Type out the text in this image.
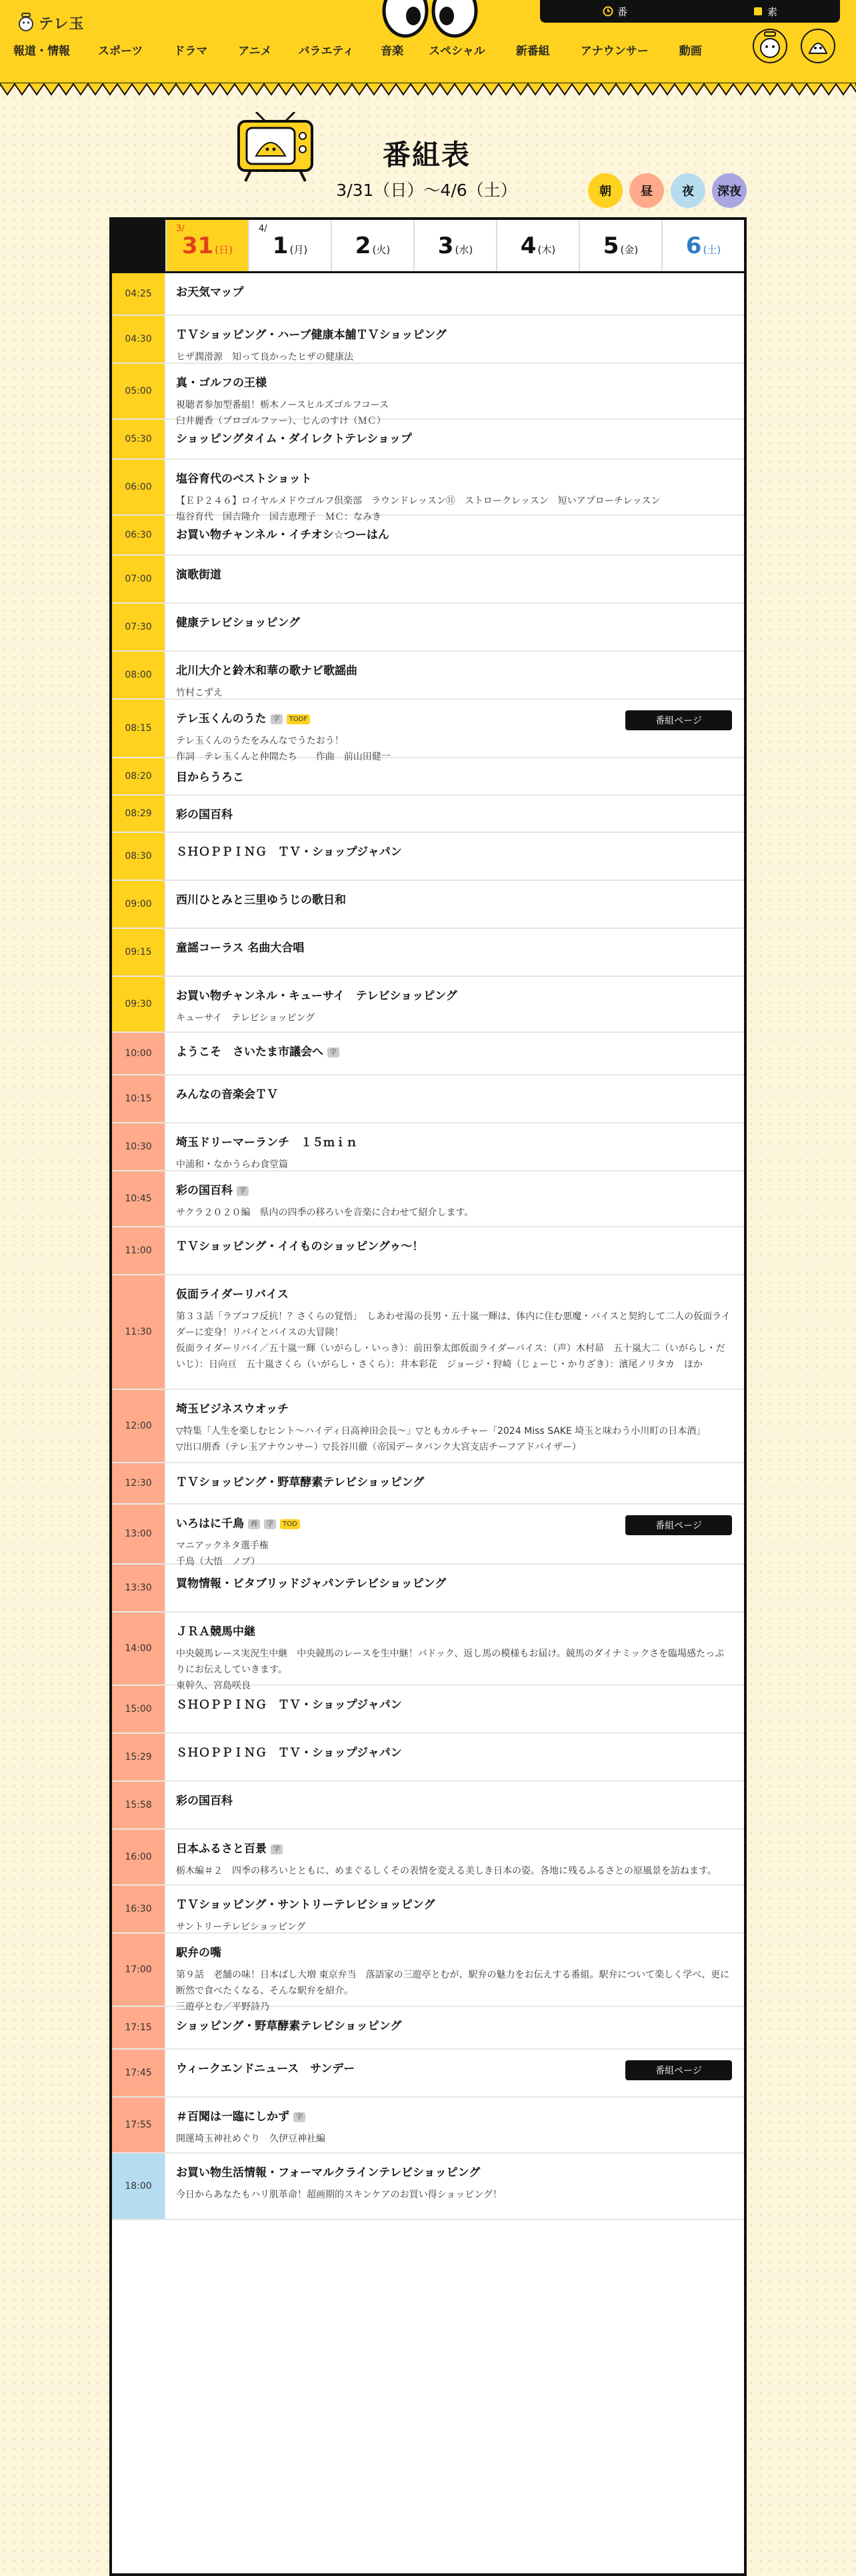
テレ玉
番	素
報道・情報 スポーツ	ドラマ	アニメ バラエティ 音楽 スペシャル	新番組	アナウンサー	動画
番組表
3/31（日）〜4/6（土）	朝	昼	夜	深夜
3/
31 (日)
4/
1 (月) 2 (火) 3 (水) 4 (木) 5 (金) 6 (土)
04:25	お天気マップ
04:30	ＴＶショッピング・ハーブ健康本舗ＴＶショッピング
ヒザ潤滑源　知って良かったヒザの健康法
05:00
真・ゴルフの王様
視聴者参加型番組！栃木ノースヒルズゴルフコース
臼井麗香（プロゴルファー）、じんのすけ（ＭＣ）
05:30	ショッピングタイム・ダイレクトテレショップ
06:00
塩谷育代のベストショット
【ＥＰ２４６】ロイヤルメドウゴルフ倶楽部　ラウンドレッスン⑪　ストロークレッスン　短いアプローチレッスン
塩谷育代　国吉隆介　国吉恵理子　ＭＣ：なみき
06:30	お買い物チャンネル・イチオシ☆つーはん
07:00	演歌街道
07:30	健康テレビショッピング
08:00	北川大介と鈴木和華の歌ナビ歌謡曲
竹村こずえ
08:15
テレ玉くんのうた	字	TODF
テレ玉くんのうたをみんなでうたおう！
作詞　テレ玉くんと仲間たち　　作曲　前山田健一
番組ページ
08:20	目からうろこ
08:29	彩の国百科
08:30	ＳＨＯＰＰＩＮＧ　ＴＶ・ショップジャパン
09:00	西川ひとみと三里ゆうじの歌日和
09:15	童謡コーラス 名曲大合唱
09:30
お買い物チャンネル・キューサイ　テレビショッピング
キューサイ　テレビショッピング
10:00	ようこそ　さいたま市議会へ	字
10:15	みんなの音楽会ＴＶ
10:30	埼玉ドリーマーランチ　１５ｍｉｎ
中浦和・なかうらわ食堂篇
10:45
彩の国百科	字
サクラ２０２０編　県内の四季の移ろいを音楽に合わせて紹介します。
11:00	ＴＶショッピング・イイものショッピングゥ〜！
11:30
仮面ライダーリバイス
第３３話「ラブコフ反抗！？さくらの覚悟」　しあわせ湯の長男・五十嵐一輝は、体内に住む悪魔・バイスと契約して二人の仮面ライダーに変身！リバイとバイスの大冒険！
仮面ライダーリバイ／五十嵐一輝（いがらし・いっき）：前田拳太郎仮面ライダーバイス：（声）木村昴　五十嵐大二（いがらし・だいじ）：日向亘　五十嵐さくら（いがらし・さくら）：井本彩花　ジョージ・狩崎（じょーじ・かりざき）：濱尾ノリタカ　ほか
12:00
埼玉ビジネスウオッチ
▽特集「人生を楽しむヒント〜ハイディ日高神田会長〜」▽ともカルチャー「2024 Miss SAKE 埼玉と味わう小川町の日本酒」
▽出口朋香（テレ玉アナウンサー）▽長谷川徹（帝国データバンク大宮支店チーフアドバイザー）
12:30	ＴＶショッピング・野草酵素テレビショッピング
13:00
いろはに千鳥	再	字	TOD
マニアックネタ選手権
千鳥（大悟　ノブ）
番組ページ
13:30	買物情報・ビタブリッドジャパンテレビショッピング
14:00
ＪＲＡ競馬中継
中央競馬レース実況生中継　中央競馬のレースを生中継！パドック、返し馬の模様もお届け。競馬のダイナミックさを臨場感たっぷりにお伝えしていきます。
東幹久、宮島咲良
15:00	ＳＨＯＰＰＩＮＧ　ＴＶ・ショップジャパン
15:29	ＳＨＯＰＰＩＮＧ　ＴＶ・ショップジャパン
15:58	彩の国百科
16:00
日本ふるさと百景	字
栃木編＃２　四季の移ろいとともに、めまぐるしくその表情を変える美しき日本の姿。各地に残るふるさとの原風景を訪ねます。
16:30	ＴＶショッピング・サントリーテレビショッピング
サントリーテレビショッピング
17:00
駅弁の嘴
第９話　老舗の味！日本ばし大増 東京弁当　落語家の三遊亭とむが、駅弁の魅力をお伝えする番組。駅弁について楽しく学べ、更に断然で食べたくなる、そんな駅弁を紹介。
三遊亭とむ／平野詩乃
17:15	ショッピング・野草酵素テレビショッピング
17:45	ウィークエンドニュース　サンデー	番組ページ
17:55
＃百聞は一臨にしかず	字
開運埼玉神社めぐり　久伊豆神社編
18:00
お買い物生活情報・フォーマルクラインテレビショッピング
今日からあなたもハリ肌革命！超画期的スキンケアのお買い得ショッピング！
